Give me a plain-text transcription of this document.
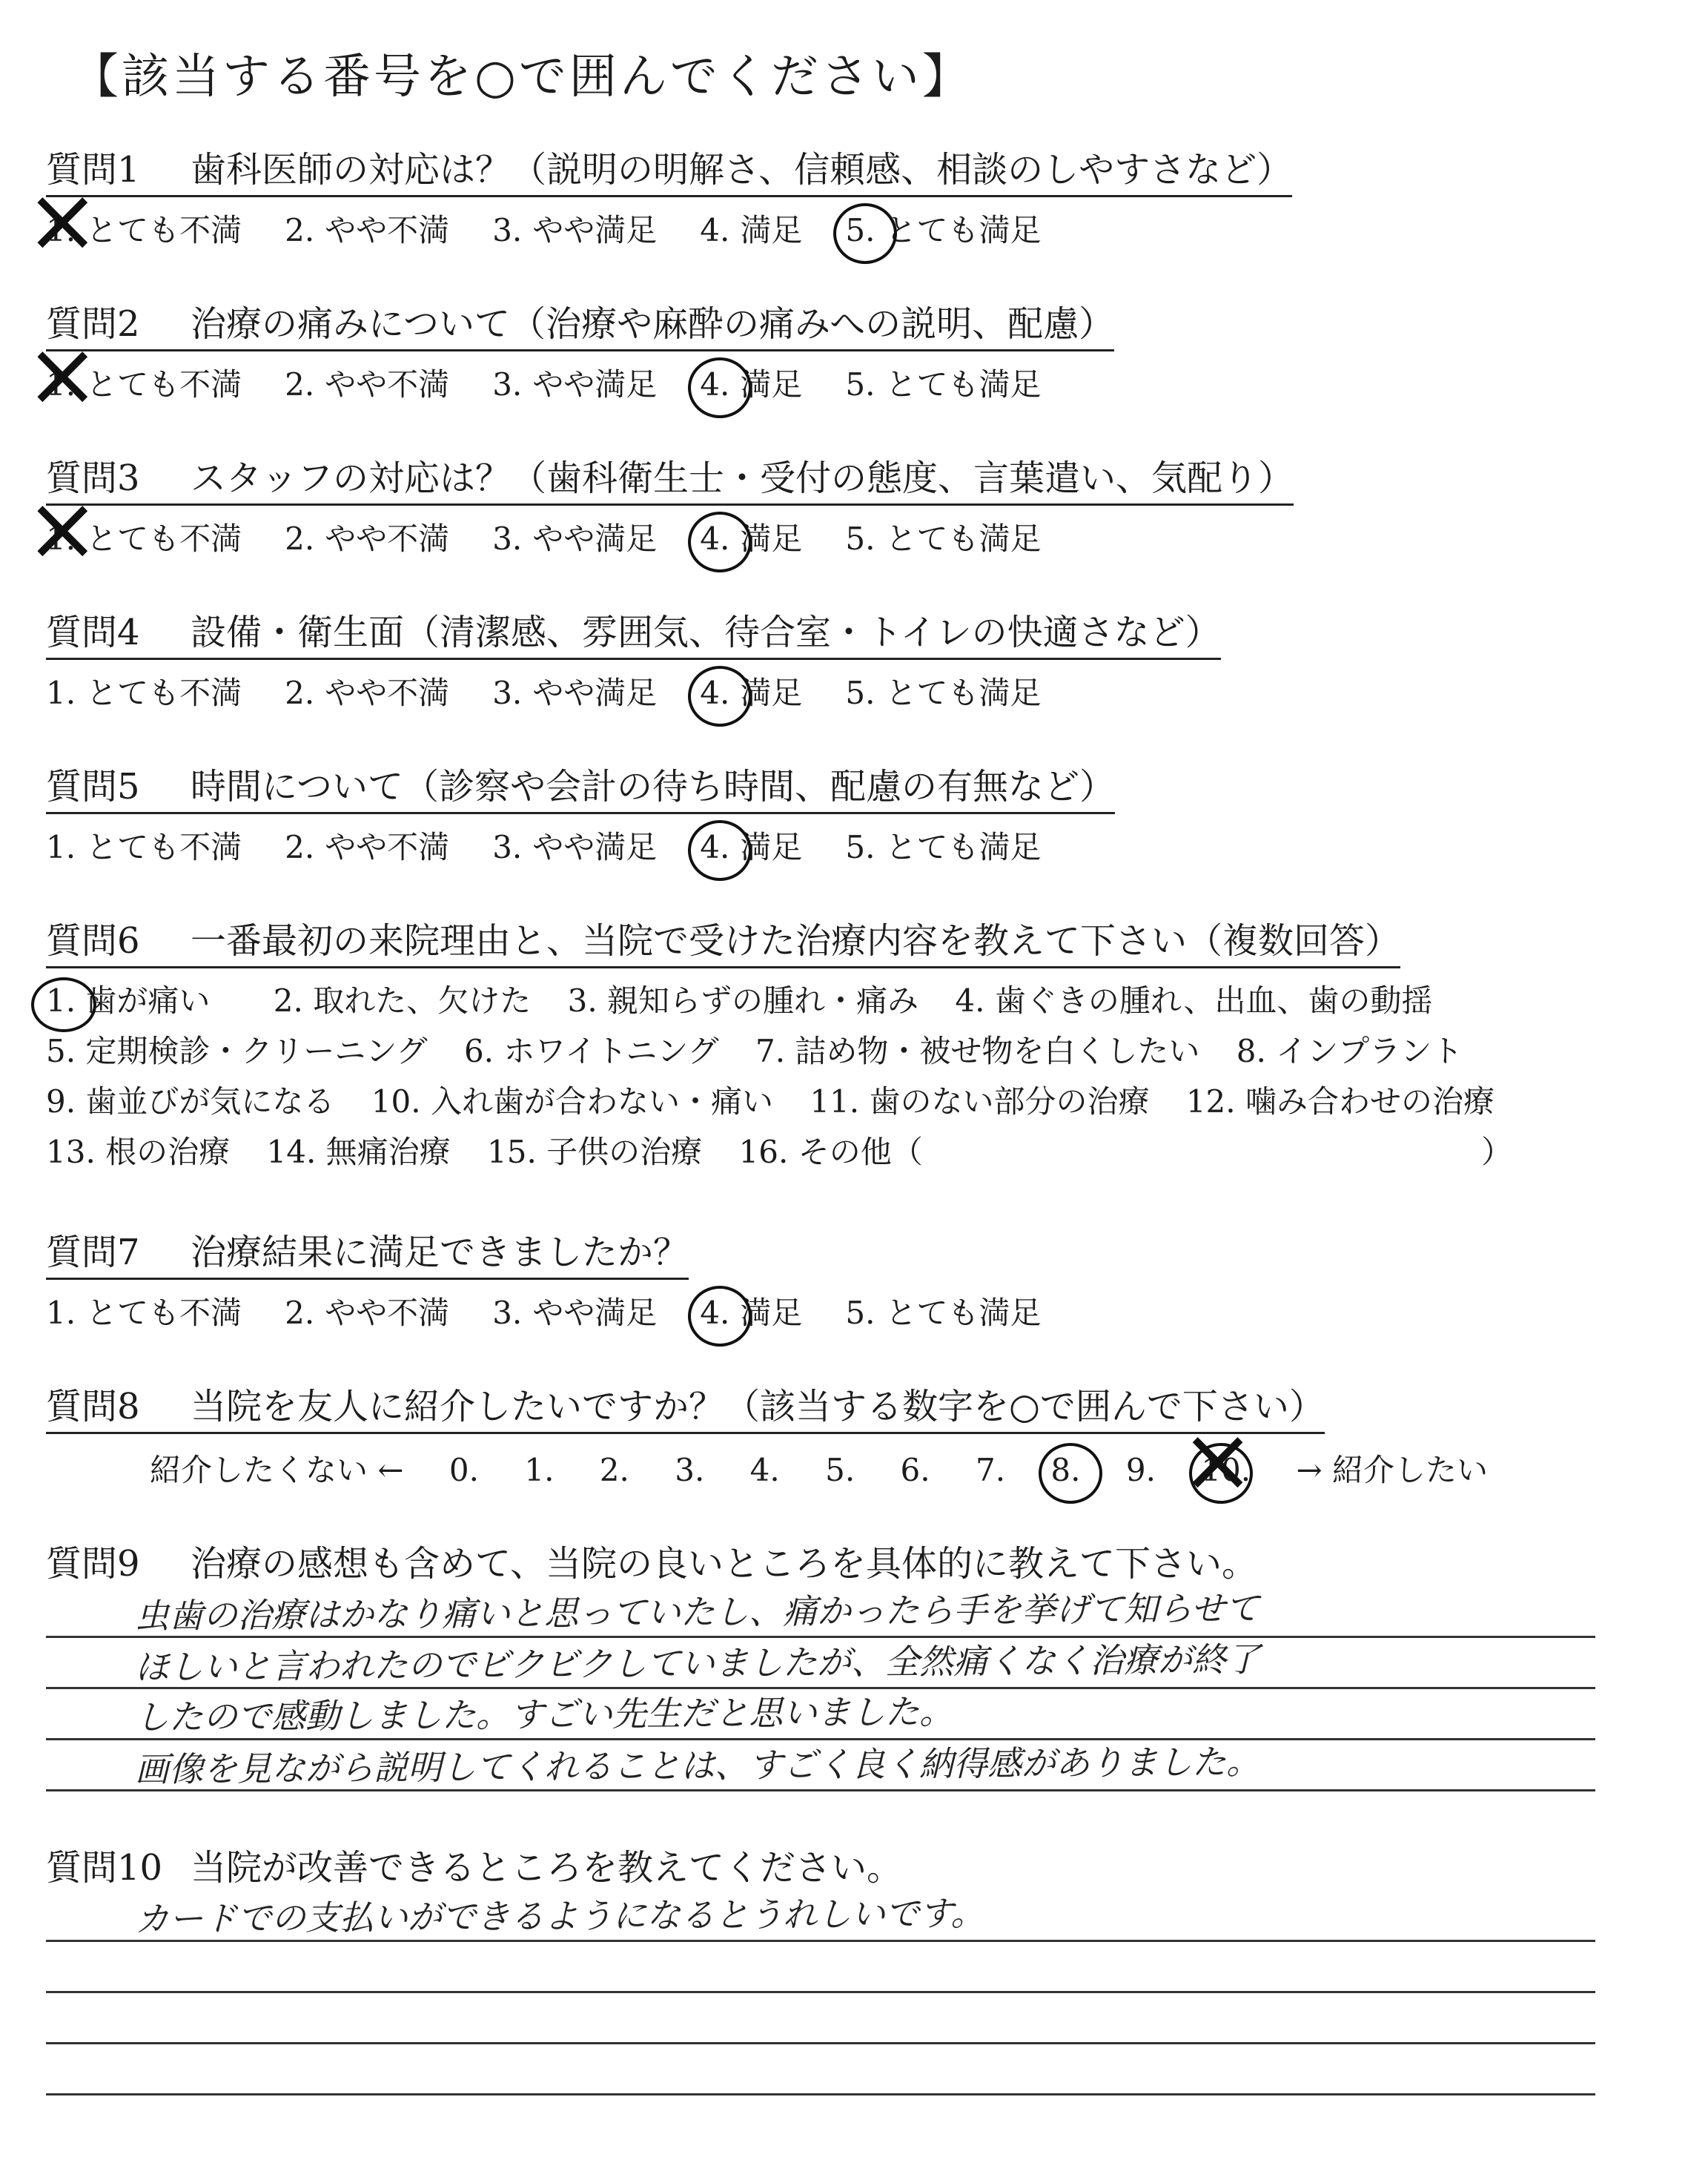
【該当する番号を○で囲んでください】
質問1 歯科医師の対応は？（説明の明解さ、信頼感、相談のしやすさなど）
1. × とても不満 2. やや不満 3. やや満足 4. 満足 5. とても満足
質問2 治療の痛みについて（治療や麻酔の痛みへの説明、配慮）
1. × とても不満 2. やや不満 3. やや満足 4. 満足 5. とても満足
質問3 スタッフの対応は？（歯科衛生士・受付の態度、言葉遣い、気配り）
1. × とても不満 2. やや不満 3. やや満足 4. 満足 5. とても満足
質問4 設備・衛生面（清潔感、雰囲気、待合室・トイレの快適さなど）
1. とても不満 2. やや不満 3. やや満足 4. 満足 5. とても満足
質問5 時間について（診察や会計の待ち時間、配慮の有無など）
1. とても不満 2. やや不満 3. やや満足 4. 満足 5. とても満足
質問6 一番最初の来院理由と、当院で受けた治療内容を教えて下さい（複数回答）
1. 歯が痛い 2. 取れた、欠けた 3. 親知らずの腫れ・痛み 4. 歯ぐきの腫れ、出血、歯の動揺
5. 定期検診・クリーニング 6. ホワイトニング 7. 詰め物・被せ物を白くしたい 8. インプラント
9. 歯並びが気になる 10. 入れ歯が合わない・痛い 11. 歯のない部分の治療 12. 噛み合わせの治療
13. 根の治療 14. 無痛治療 15. 子供の治療 16. その他（	）
質問7 治療結果に満足できましたか？
1. とても不満 2. やや不満 3. やや満足 4. 満足 5. とても満足
質問8 当院を友人に紹介したいですか？（該当する数字を○で囲んで下さい）
紹介したくない ← 0. 1. 2. 3. 4. 5. 6. 7. 8. 9. 10. × → 紹介したい
質問9 治療の感想も含めて、当院の良いところを具体的に教えて下さい。
虫歯の治療はかなり痛いと思っていたし、痛かったら手を挙げて知らせて
ほしいと言われたのでビクビクしていましたが、全然痛くなく治療が終了
したので感動しました。すごい先生だと思いました。
画像を見ながら説明してくれることは、すごく良く納得感がありました。
質問10 当院が改善できるところを教えてください。
カードでの支払いができるようになるとうれしいです。
